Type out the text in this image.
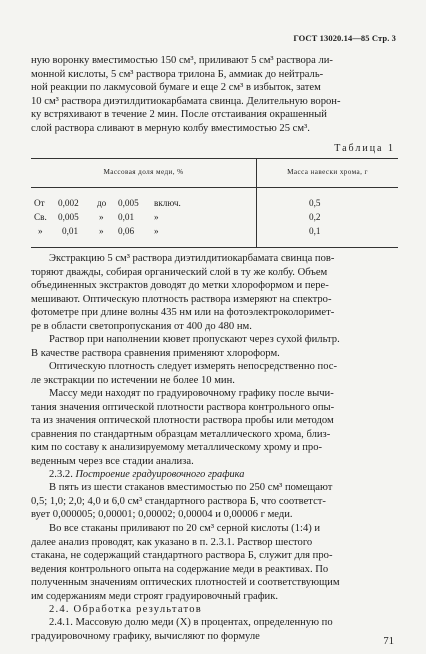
ГОСТ 13020.14—85 Стр. 3
ную воронку вместимостью 150 см³, приливают 5 см³ раствора ли-
монной кислоты, 5 см³ раствора трилона Б, аммиак до нейтраль-
ной реакции по лакмусовой бумаге и еще 2 см³ в избыток, затем
10 см³ раствора диэтилдитиокарбамата свинца. Делительную ворон-
ку встряхивают в течение 2 мин. После отстаивания окрашенный
слой раствора сливают в мерную колбу вместимостью 25 см³.
Таблица 1
Массовая доля меди, %	Масса навески хрома, г
От 0,002 до 0,005 включ.	0,5
Св. 0,005 » 0,01 »	0,2
» 0,01 » 0,06 »	0,1
Экстракцию 5 см³ раствора диэтилдитиокарбамата свинца пов-
торяют дважды, собирая органический слой в ту же колбу. Объем
объединенных экстрактов доводят до метки хлороформом и пере-
мешивают. Оптическую плотность раствора измеряют на спектро-
фотометре при длине волны 435 нм или на фотоэлектроколоримет-
ре в области светопропускания от 400 до 480 нм.
Раствор при наполнении кювет пропускают через сухой фильтр.
В качестве раствора сравнения применяют хлороформ.
Оптическую плотность следует измерять непосредственно пос-
ле экстракции по истечении не более 10 мин.
Массу меди находят по градуировочному графику после вычи-
тания значения оптической плотности раствора контрольного опы-
та из значения оптической плотности раствора пробы или методом
сравнения по стандартным образцам металлического хрома, близ-
ким по составу к анализируемому металлическому хрому и про-
веденным через все стадии анализа.
2.3.2. Построение градуировочного графика
В пять из шести стаканов вместимостью по 250 см³ помещают
0,5; 1,0; 2,0; 4,0 и 6,0 см³ стандартного раствора Б, что соответст-
вует 0,000005; 0,00001; 0,00002; 0,00004 и 0,00006 г меди.
Во все стаканы приливают по 20 см³ серной кислоты (1:4) и
далее анализ проводят, как указано в п. 2.3.1. Раствор шестого
стакана, не содержащий стандартного раствора Б, служит для про-
ведения контрольного опыта на содержание меди в реактивах. По
полученным значениям оптических плотностей и соответствующим
им содержаниям меди строят градуировочный график.
2.4. Обработка результатов
2.4.1. Массовую долю меди (X) в процентах, определенную по
градуировочному графику, вычисляют по формуле	71
